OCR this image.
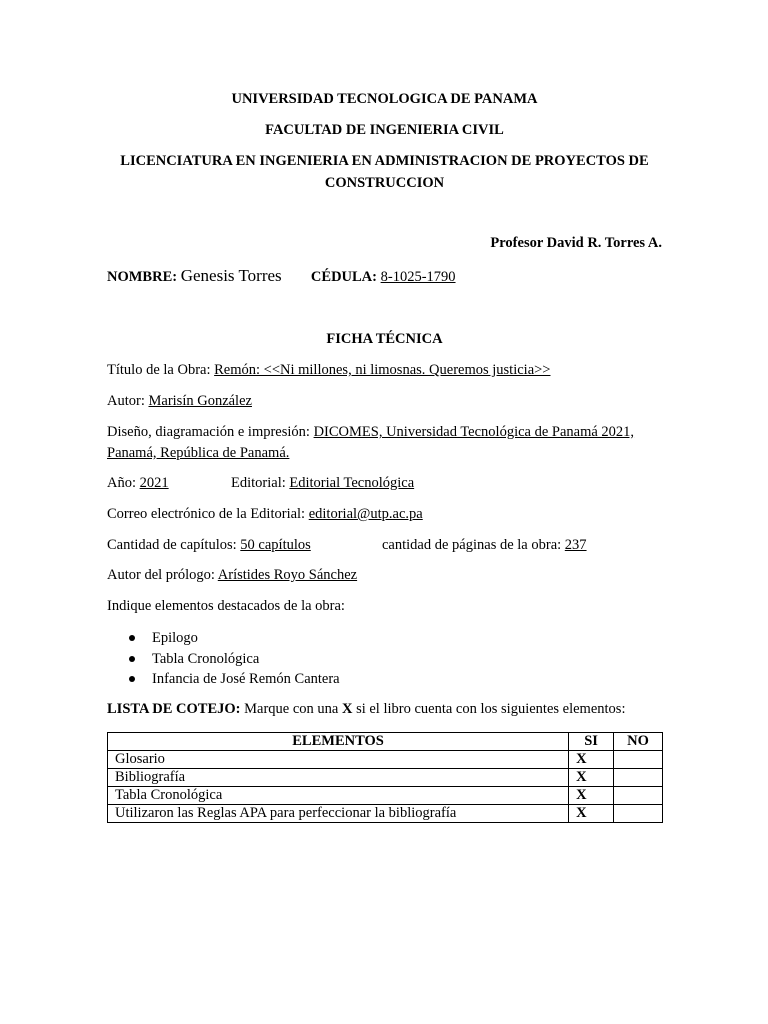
UNIVERSIDAD TECNOLOGICA DE PANAMA
FACULTAD DE INGENIERIA CIVIL
LICENCIATURA EN INGENIERIA EN ADMINISTRACION DE PROYECTOS DE
CONSTRUCCION
Profesor David R. Torres A.
NOMBRE: Genesis Torres CÉDULA: 8-1025-1790
FICHA TÉCNICA
Título de la Obra: Remón: <<Ni millones, ni limosnas. Queremos justicia>>
Autor: Marisín González
Diseño, diagramación e impresión: DICOMES, Universidad Tecnológica de Panamá 2021,
Panamá, República de Panamá.
Año: 2021	Editorial: Editorial Tecnológica
Correo electrónico de la Editorial: editorial@utp.ac.pa
Cantidad de capítulos: 50 capítulos	cantidad de páginas de la obra: 237
Autor del prólogo: Arístides Royo Sánchez
Indique elementos destacados de la obra:
Epilogo
Tabla Cronológica
Infancia de José Remón Cantera
LISTA DE COTEJO: Marque con una X si el libro cuenta con los siguientes elementos:
ELEMENTOS	SI	NO
Glosario	X	
Bibliografía	X	
Tabla Cronológica	X	
Utilizaron las Reglas APA para perfeccionar la bibliografía	X	
